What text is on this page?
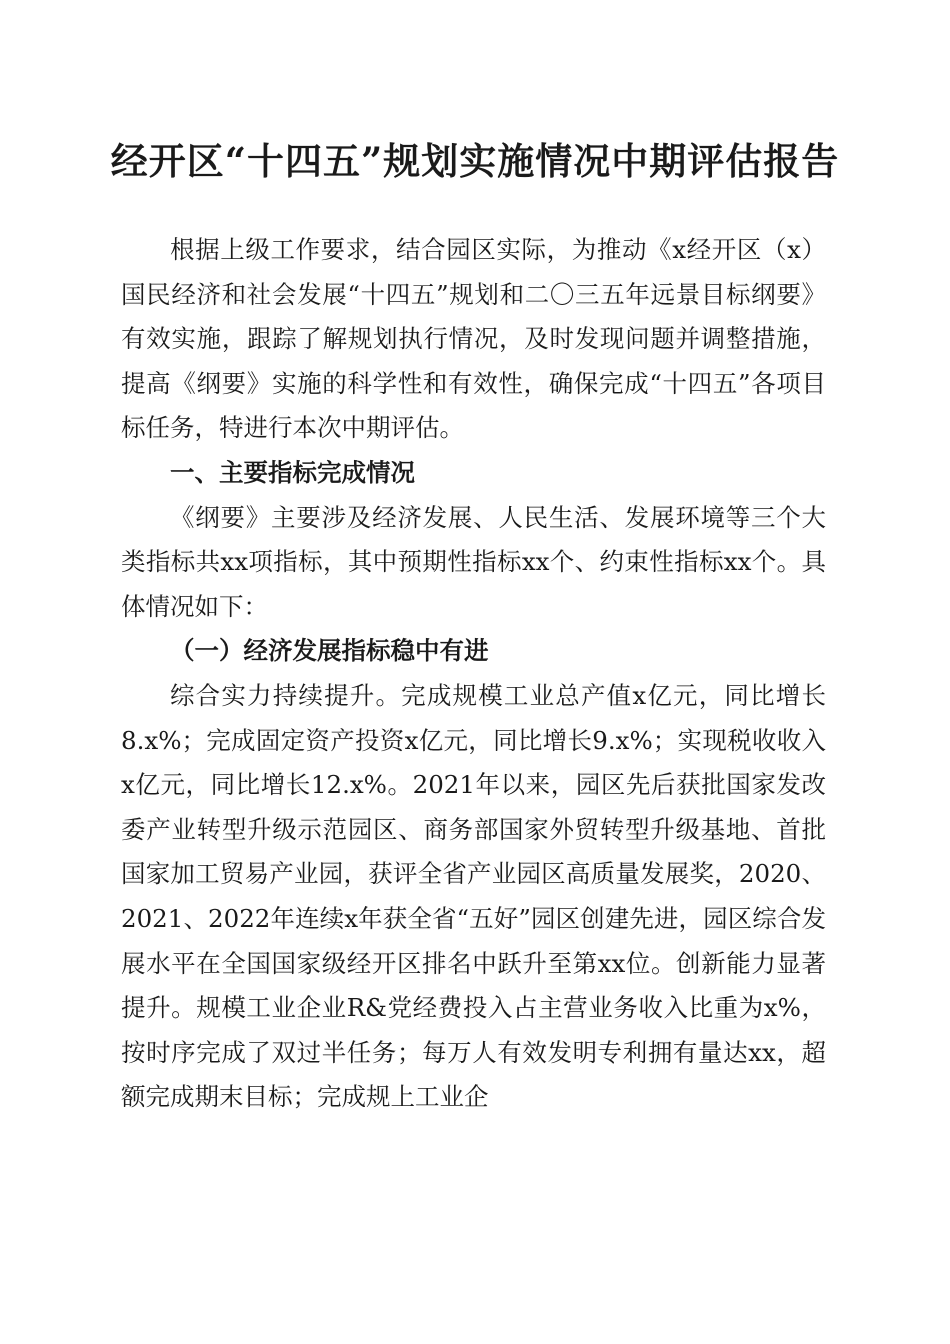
经开区“十四五”规划实施情况中期评估报告

根据上级工作要求，结合园区实际，为推动《x经开区（x）国民经济和社会发展“十四五”规划和二〇三五年远景目标纲要》有效实施，跟踪了解规划执行情况，及时发现问题并调整措施，提高《纲要》实施的科学性和有效性，确保完成“十四五”各项目标任务，特进行本次中期评估。

一、主要指标完成情况

《纲要》主要涉及经济发展、人民生活、发展环境等三个大类指标共xx项指标，其中预期性指标xx个、约束性指标xx个。具体情况如下：

（一）经济发展指标稳中有进

综合实力持续提升。完成规模工业总产值x亿元，同比增长8.x%；完成固定资产投资x亿元，同比增长9.x%；实现税收收入x亿元，同比增长12.x%。2021年以来，园区先后获批国家发改委产业转型升级示范园区、商务部国家外贸转型升级基地、首批国家加工贸易产业园，获评全省产业园区高质量发展奖，2020、2021、2022年连续x年获全省“五好”园区创建先进，园区综合发展水平在全国国家级经开区排名中跃升至第xx位。创新能力显著提升。规模工业企业R&党经费投入占主营业务收入比重为x%，按时序完成了双过半任务；每万人有效发明专利拥有量达xx，超额完成期末目标；完成规上工业企
